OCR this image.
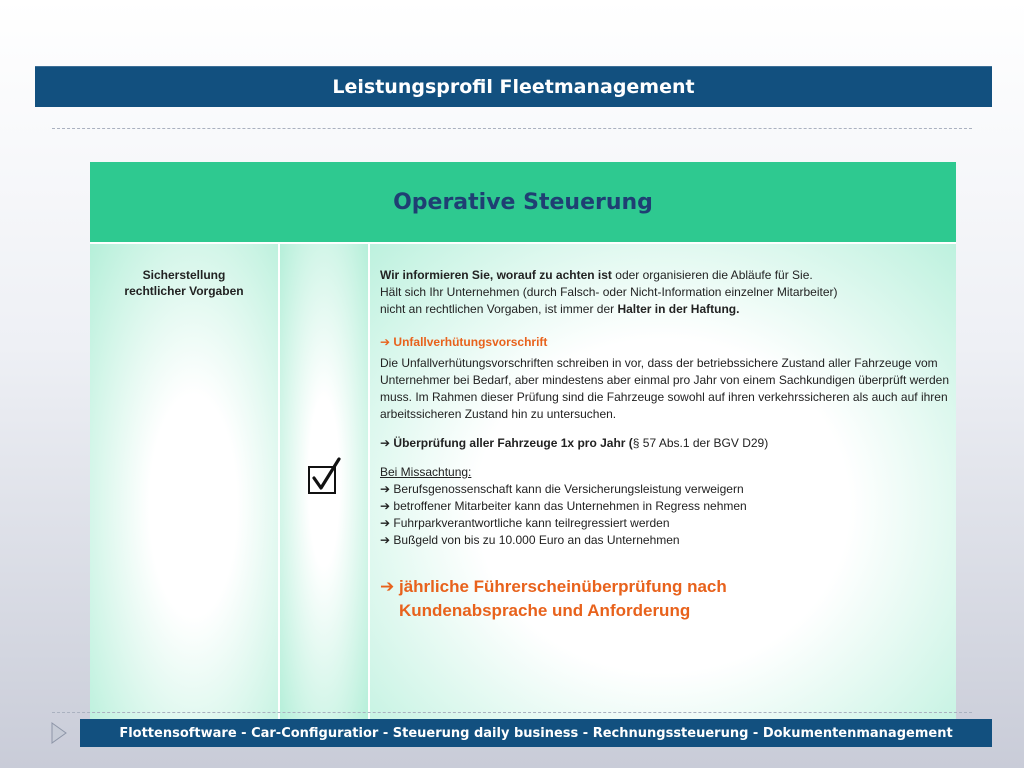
Leistungsprofil Fleetmanagement
Operative Steuerung
Sicherstellung
rechtlicher Vorgaben

Wir informieren Sie, worauf zu achten ist oder organisieren die Abläufe für Sie.

Hält sich Ihr Unternehmen (durch Falsch- oder Nicht-Information einzelner Mitarbeiter)

nicht an rechtlichen Vorgaben, ist immer der Halter in der Haftung.

➔ Unfallverhütungsvorschrift

Die Unfallverhütungsvorschriften schreiben in vor, dass der betriebssichere Zustand aller Fahrzeuge vom Unternehmer bei Bedarf, aber mindestens aber einmal pro Jahr von einem Sachkundigen überprüft werden muss. Im Rahmen dieser Prüfung sind die Fahrzeuge sowohl auf ihren verkehrssicheren als auch auf ihren arbeitssicheren Zustand hin zu untersuchen.

➔ Überprüfung aller Fahrzeuge 1x pro Jahr (§ 57 Abs.1 der BGV D29)

Bei Missachtung:

➔ Berufsgenossenschaft kann die Versicherungsleistung verweigern

➔ betroffener Mitarbeiter kann das Unternehmen in Regress nehmen

➔ Fuhrparkverantwortliche kann teilregressiert werden

➔ Bußgeld von bis zu 10.000 Euro an das Unternehmen

➔ jährliche Führerscheinüberprüfung nach

Kundenabsprache und Anforderung

Flottensoftware - Car-Configuratior - Steuerung daily business - Rechnungssteuerung - Dokumentenmanagement
